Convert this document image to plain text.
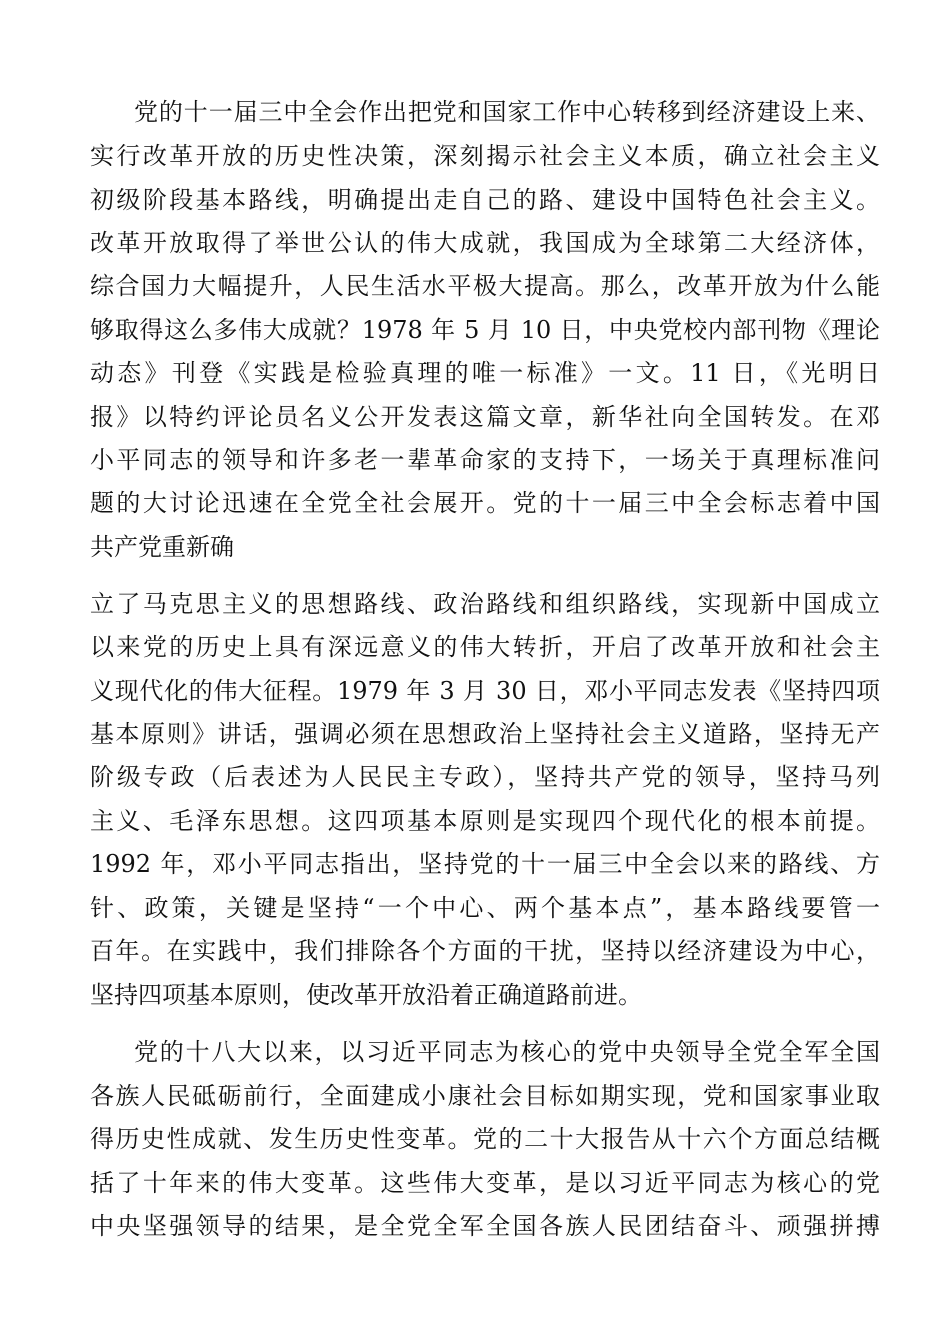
党的十一届三中全会作出把党和国家工作中心转移到经济建设上来、
实行改革开放的历史性决策，深刻揭示社会主义本质，确立社会主义
初级阶段基本路线，明确提出走自己的路、建设中国特色社会主义。
改革开放取得了举世公认的伟大成就，我国成为全球第二大经济体，
综合国力大幅提升，人民生活水平极大提高。那么，改革开放为什么能
够取得这么多伟大成就？1978 年 5 月 10 日，中央党校内部刊物《理论
动态》刊登《实践是检验真理的唯一标准》一文。11 日，《光明日
报》以特约评论员名义公开发表这篇文章，新华社向全国转发。在邓
小平同志的领导和许多老一辈革命家的支持下，一场关于真理标准问
题的大讨论迅速在全党全社会展开。党的十一届三中全会标志着中国
共产党重新确
立了马克思主义的思想路线、政治路线和组织路线，实现新中国成立
以来党的历史上具有深远意义的伟大转折，开启了改革开放和社会主
义现代化的伟大征程。1979 年 3 月 30 日，邓小平同志发表《坚持四项
基本原则》讲话，强调必须在思想政治上坚持社会主义道路，坚持无产
阶级专政（后表述为人民民主专政），坚持共产党的领导，坚持马列
主义、毛泽东思想。这四项基本原则是实现四个现代化的根本前提。
1992 年，邓小平同志指出，坚持党的十一届三中全会以来的路线、方
针、政策，关键是坚持“一个中心、两个基本点”，基本路线要管一
百年。在实践中，我们排除各个方面的干扰，坚持以经济建设为中心，
坚持四项基本原则，使改革开放沿着正确道路前进。
党的十八大以来，以习近平同志为核心的党中央领导全党全军全国
各族人民砥砺前行，全面建成小康社会目标如期实现，党和国家事业取
得历史性成就、发生历史性变革。党的二十大报告从十六个方面总结概
括了十年来的伟大变革。这些伟大变革，是以习近平同志为核心的党
中央坚强领导的结果，是全党全军全国各族人民团结奋斗、顽强拼搏
